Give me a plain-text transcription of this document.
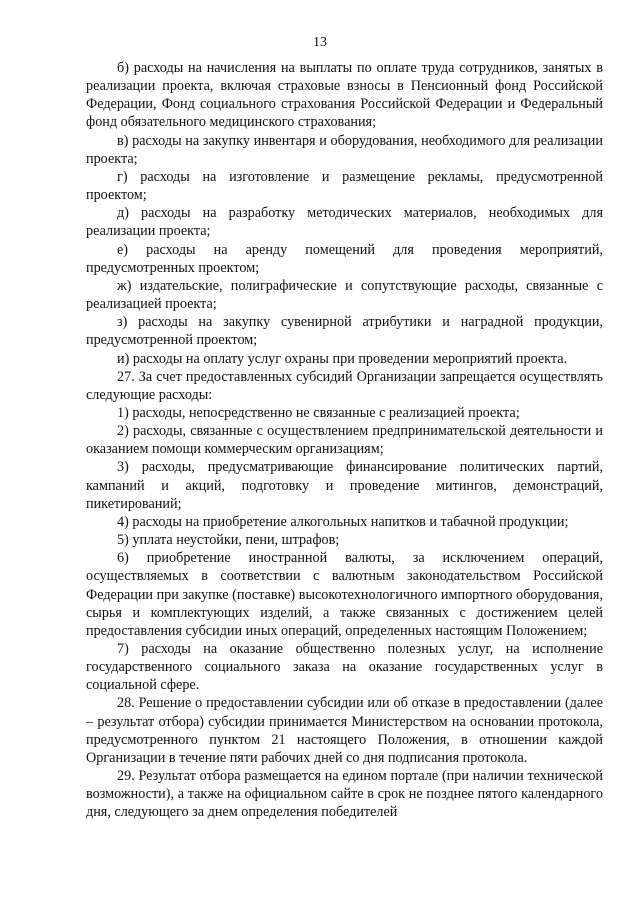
13

б) расходы на начисления на выплаты по оплате труда сотрудников, занятых в реализации проекта, включая страховые взносы в Пенсионный фонд Российской Федерации, Фонд социального страхования Российской Федерации и Федеральный фонд обязательного медицинского страхования;

в) расходы на закупку инвентаря и оборудования, необходимого для реализации проекта;

г) расходы на изготовление и размещение рекламы, предусмотренной проектом;

д) расходы на разработку методических материалов, необходимых для реализации проекта;

е) расходы на аренду помещений для проведения мероприятий, предусмотренных проектом;

ж) издательские, полиграфические и сопутствующие расходы, связанные с реализацией проекта;

з) расходы на закупку сувенирной атрибутики и наградной продукции, предусмотренной проектом;

и) расходы на оплату услуг охраны при проведении мероприятий проекта.

27. За счет предоставленных субсидий Организации запрещается осуществлять следующие расходы:

1) расходы, непосредственно не связанные с реализацией проекта;

2) расходы, связанные с осуществлением предпринимательской деятельности и оказанием помощи коммерческим организациям;

3) расходы, предусматривающие финансирование политических партий, кампаний и акций, подготовку и проведение митингов, демонстраций, пикетирований;

4) расходы на приобретение алкогольных напитков и табачной продукции;

5) уплата неустойки, пени, штрафов;

6) приобретение иностранной валюты, за исключением операций, осуществляемых в соответствии с валютным законодательством Российской Федерации при закупке (поставке) высокотехнологичного импортного оборудования, сырья и комплектующих изделий, а также связанных с достижением целей предоставления субсидии иных операций, определенных настоящим Положением;

7) расходы на оказание общественно полезных услуг, на исполнение государственного социального заказа на оказание государственных услуг в социальной сфере.

28. Решение о предоставлении субсидии или об отказе в предоставлении (далее – результат отбора) субсидии принимается Министерством на основании протокола, предусмотренного пунктом 21 настоящего Положения, в отношении каждой Организации в течение пяти рабочих дней со дня подписания протокола.

29. Результат отбора размещается на едином портале (при наличии технической возможности), а также на официальном сайте в срок не позднее пятого календарного дня, следующего за днем определения победителей
